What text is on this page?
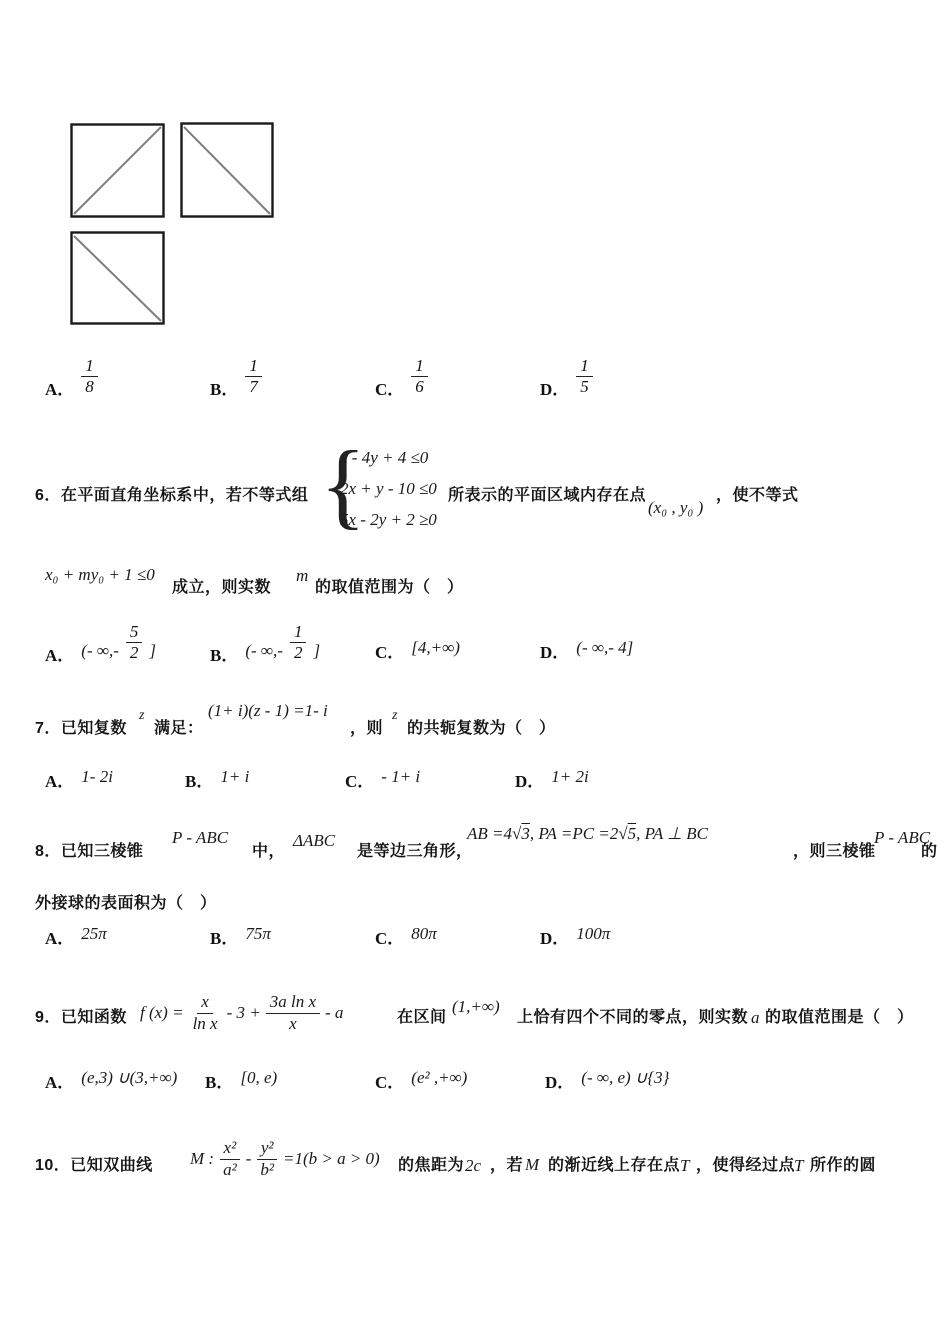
A． $\frac{1}{8}$	B． $\frac{1}{7}$	C． $\frac{1}{6}$	D． $\frac{1}{5}$
6．在平面直角坐标系中，若不等式组 {
x - 4y + 4 ≤0
2x + y - 10 ≤0
5x - 2y + 2 ≥0
所表示的平面区域内存在点
(x₀ , y₀ )
，使不等式
x₀ + my₀ + 1 ≤0
成立，则实数
m
的取值范围为（　）
A． (- ∞,- $\frac{5}{2}$ ]	B． (- ∞,- $\frac{1}{2}$ ]	C． [4,+∞)	D． (- ∞,- 4]
7．已知复数
z
满足：
(1+ i)(z - 1) =1- i
，则
z
的共轭复数为（　）
A． 1- 2i	B． 1+ i	C． - 1+ i	D． 1+ 2i
8．已知三棱锥
P - ABC
中，
ΔABC
是等边三角形，
AB =4 √ 3 , PA =PC =2 √ 5 , PA ⊥ BC
，则三棱锥
P - ABC
的
外接球的表面积为（　）
A． 25π	B． 75π	C． 80π	D． 100π
9．已知函数 f $(x) = \frac{x}{\text{ln x}} - 3 + \frac{\text{3a ln x}}{x} - a$	在区间
(1,+∞)
上恰有四个不同的零点，则实数 a 的取值范围是（　）
A． (e,3) ∪(3,+∞) B． [0, e)	C． (e² ,+∞)	D． (- ∞, e) ∪{3}
10．已知双曲线 M : $\frac{\text{x²}}{\text{a²}} - \frac{\text{y²}}{\text{b²}} =1(b > a > 0)$ 的焦距为 2c ，若 M 的渐近线上存在点 T ，使得经过点
T 所作的圆
